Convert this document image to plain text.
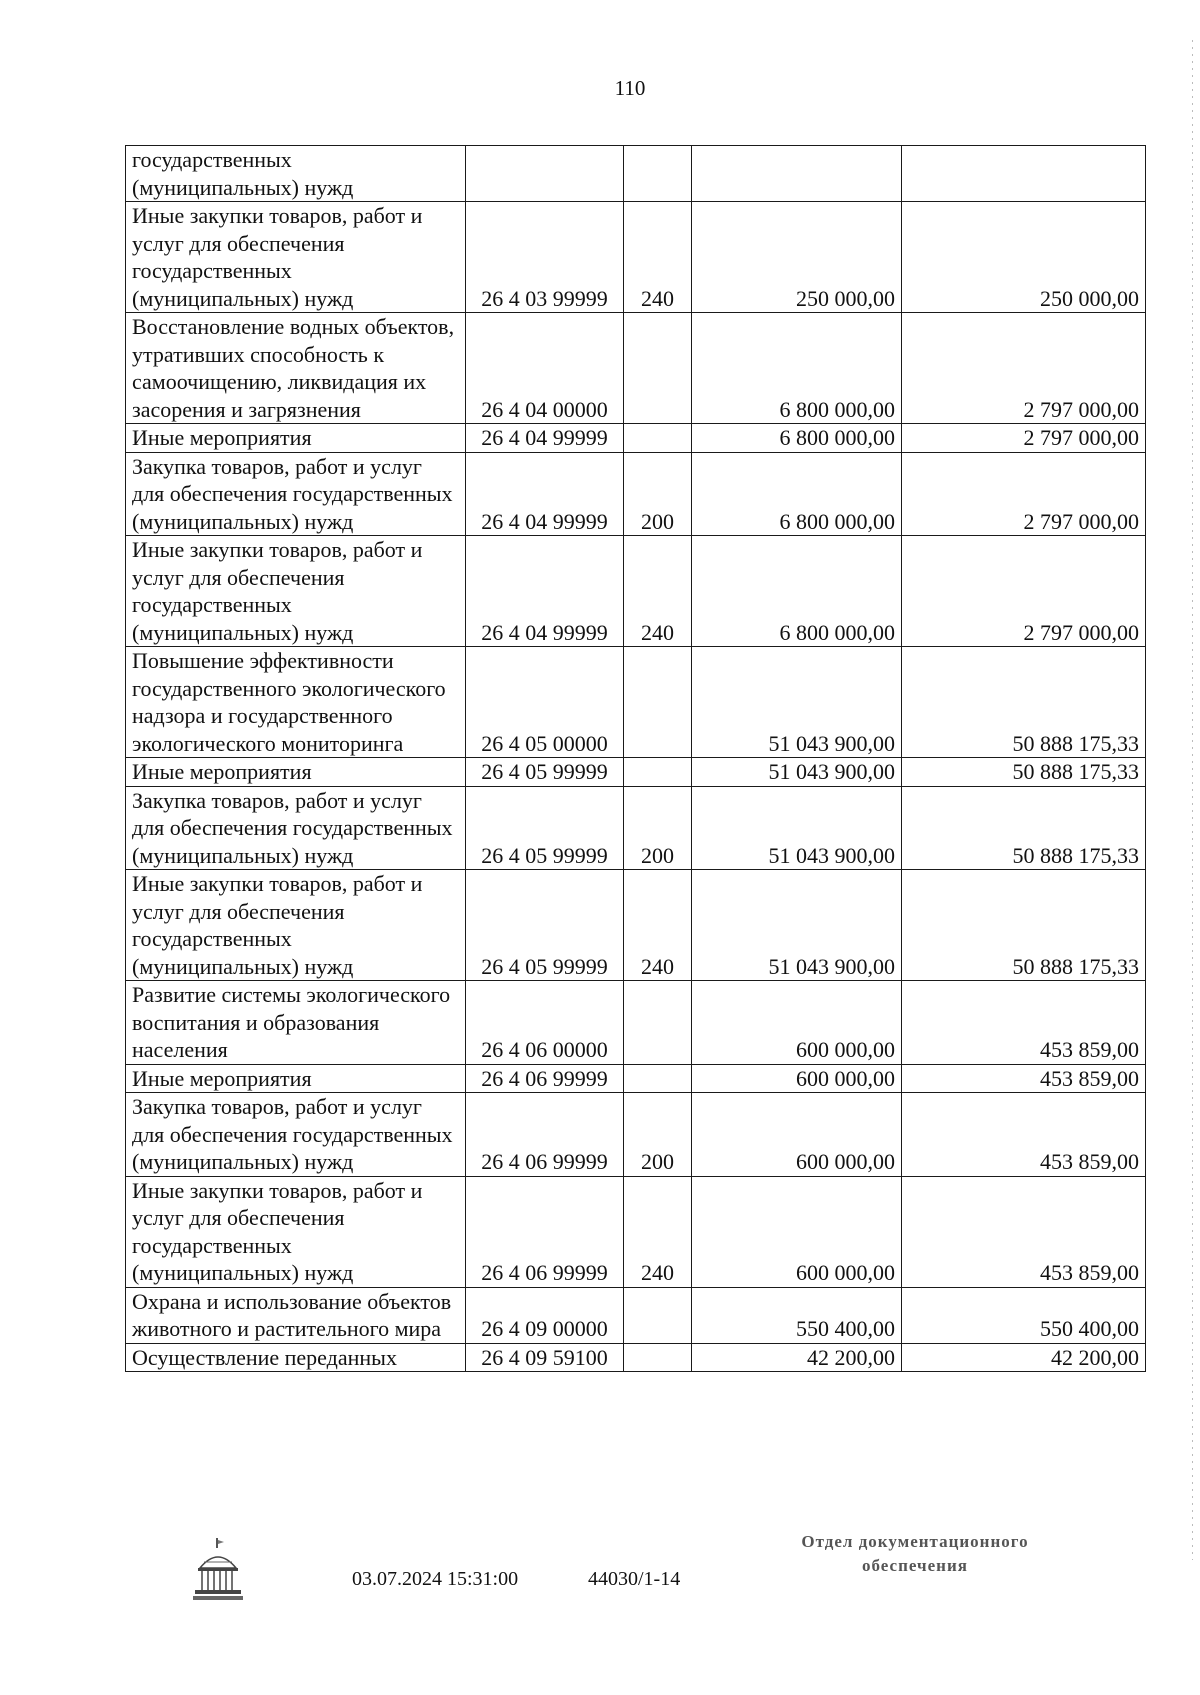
110
государственных (муниципальных) нужд				
Иные закупки товаров, работ и услуг для обеспечения государственных (муниципальных) нужд	26 4 03 99999	240	250 000,00	250 000,00
Восстановление водных объектов, утративших способность к самоочищению, ликвидация их засорения и загрязнения	26 4 04 00000		6 800 000,00	2 797 000,00
Иные мероприятия	26 4 04 99999		6 800 000,00	2 797 000,00
Закупка товаров, работ и услуг для обеспечения государственных (муниципальных) нужд	26 4 04 99999	200	6 800 000,00	2 797 000,00
Иные закупки товаров, работ и услуг для обеспечения государственных (муниципальных) нужд	26 4 04 99999	240	6 800 000,00	2 797 000,00
Повышение эффективности государственного экологического надзора и государственного экологического мониторинга	26 4 05 00000		51 043 900,00	50 888 175,33
Иные мероприятия	26 4 05 99999		51 043 900,00	50 888 175,33
Закупка товаров, работ и услуг для обеспечения государственных (муниципальных) нужд	26 4 05 99999	200	51 043 900,00	50 888 175,33
Иные закупки товаров, работ и услуг для обеспечения государственных (муниципальных) нужд	26 4 05 99999	240	51 043 900,00	50 888 175,33
Развитие системы экологического воспитания и образования населения	26 4 06 00000		600 000,00	453 859,00
Иные мероприятия	26 4 06 99999		600 000,00	453 859,00
Закупка товаров, работ и услуг для обеспечения государственных (муниципальных) нужд	26 4 06 99999	200	600 000,00	453 859,00
Иные закупки товаров, работ и услуг для обеспечения государственных (муниципальных) нужд	26 4 06 99999	240	600 000,00	453 859,00
Охрана и использование объектов животного и растительного мира	26 4 09 00000		550 400,00	550 400,00
Осуществление переданных	26 4 09 59100		42 200,00	42 200,00
03.07.2024 15:31:00	44030/1-14
Отдел документационного
обеспечения
